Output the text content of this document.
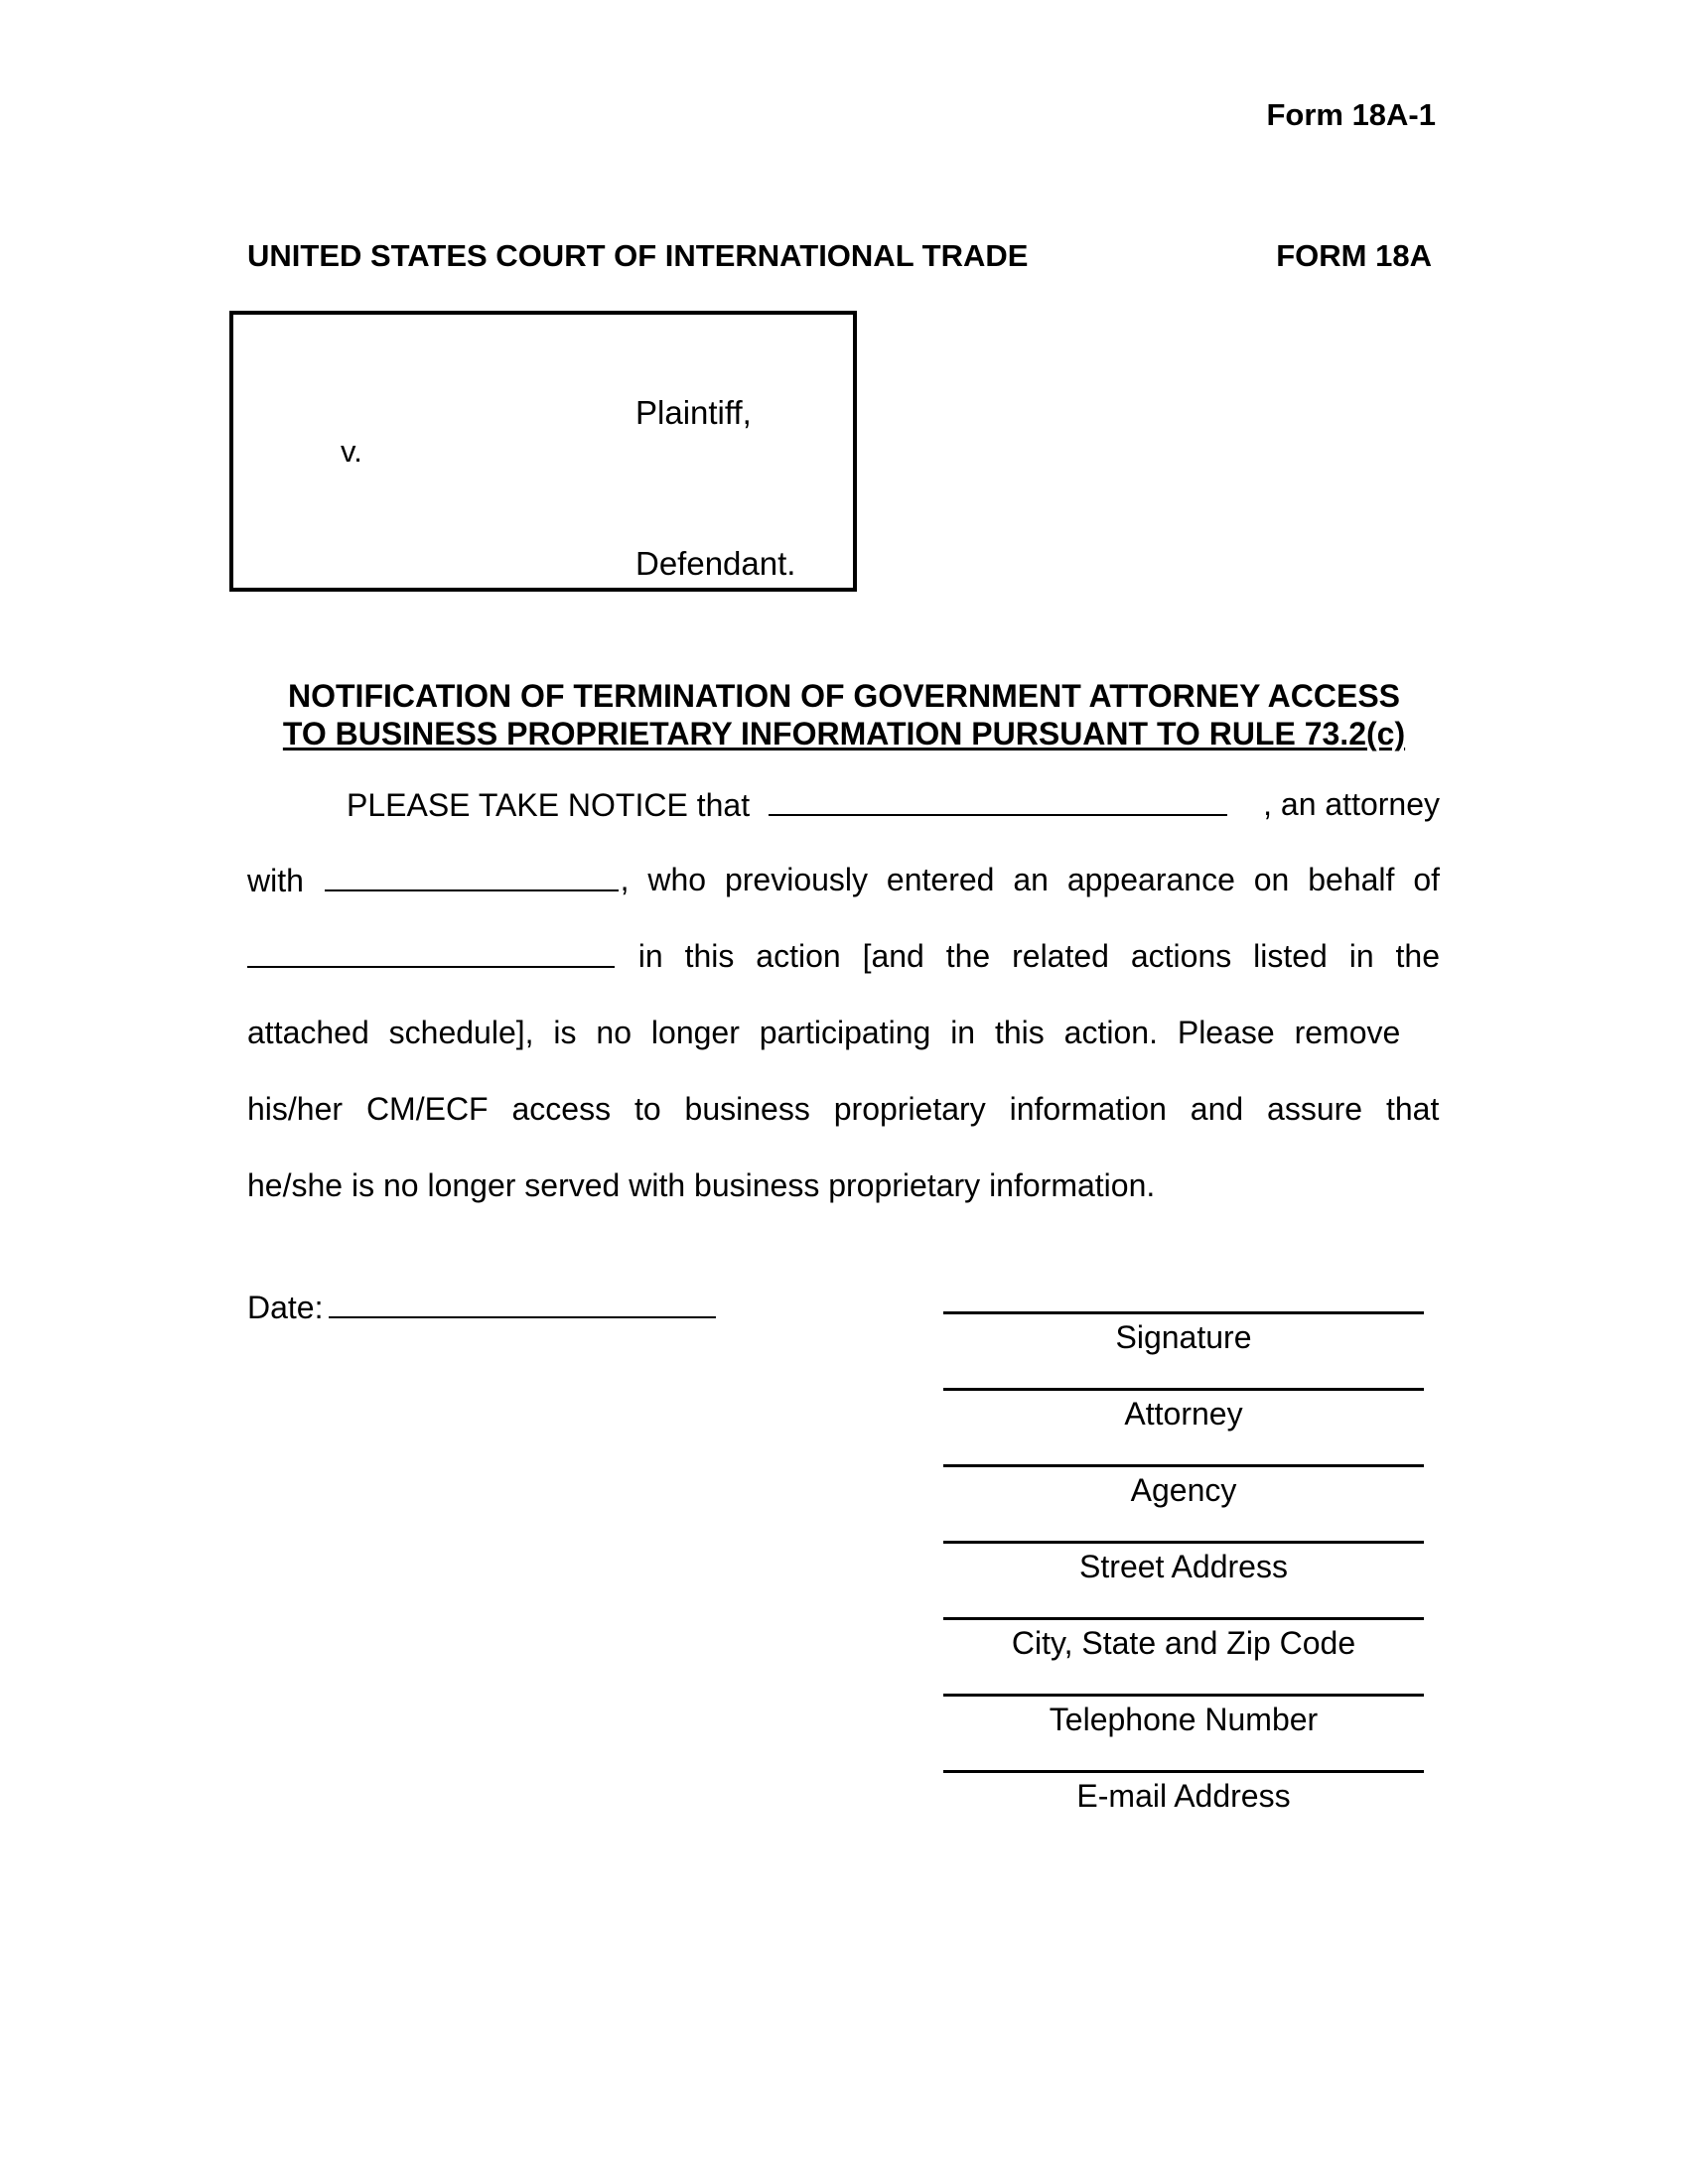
Form 18A-1
UNITED STATES COURT OF INTERNATIONAL TRADE	FORM 18A
Plaintiff,
v.
Defendant.
NOTIFICATION OF TERMINATION OF GOVERNMENT ATTORNEY ACCESS
TO BUSINESS PROPRIETARY INFORMATION PURSUANT TO RULE 73.2(c)
PLEASE TAKE NOTICE that	, an attorney
with	, who previously entered an appearance on behalf of
in this action [and the related actions listed in the
attached schedule], is no longer participating in this action. Please remove
his/her CM/ECF access to business proprietary information and assure that
he/she is no longer served with business proprietary information.
Date:
Signature
Attorney
Agency
Street Address
City, State and Zip Code
Telephone Number
E-mail Address
